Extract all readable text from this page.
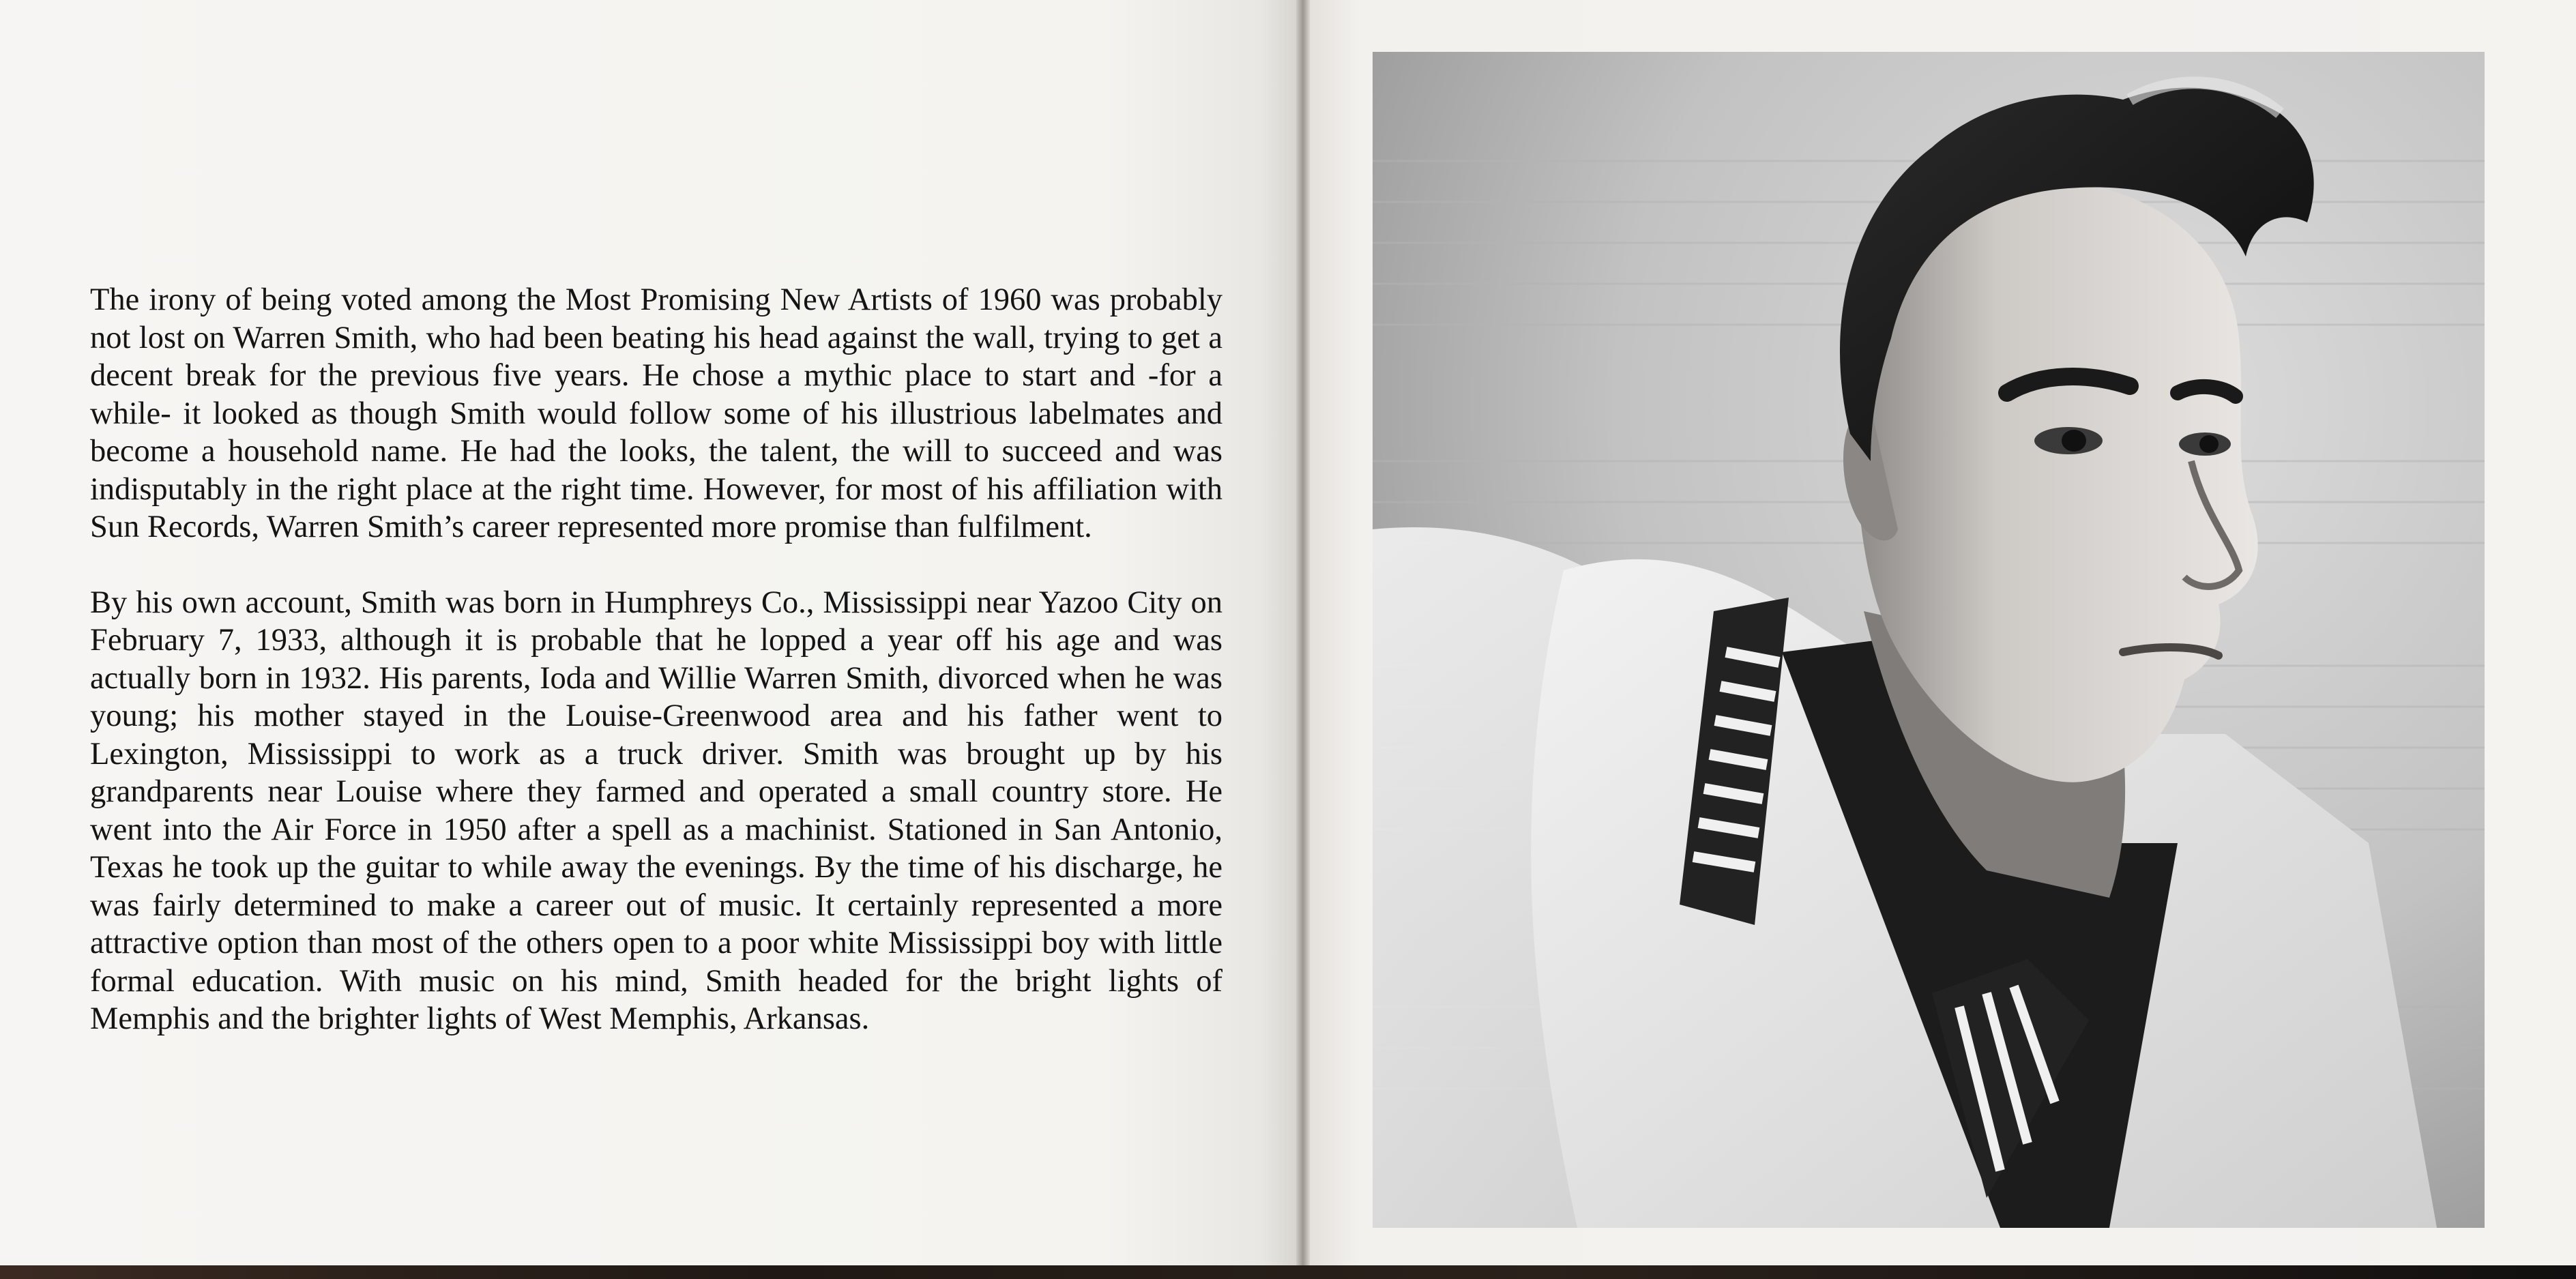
The irony of being voted among the Most Promising New Artists of 1960 was probably not lost on Warren Smith, who had been beating his head against the wall, trying to get a decent break for the previous five years. He chose a mythic place to start and -for a while- it looked as though Smith would follow some of his illustrious labelmates and become a household name. He had the looks, the talent, the will to succeed and was indisputably in the right place at the right time. However, for most of his affiliation with Sun Records, Warren Smith’s career represented more promise than fulfilment.

By his own account, Smith was born in Humphreys Co., Mississippi near Yazoo City on February 7, 1933, although it is probable that he lopped a year off his age and was actually born in 1932. His parents, Ioda and Willie Warren Smith, divorced when he was young; his mother stayed in the Louise-Greenwood area and his father went to Lexington, Mississippi to work as a truck driver. Smith was brought up by his grandparents near Louise where they farmed and operated a small country store. He went into the Air Force in 1950 after a spell as a machinist. Stationed in San Antonio, Texas he took up the guitar to while away the evenings. By the time of his discharge, he was fairly determined to make a career out of music. It certainly represented a more attractive option than most of the others open to a poor white Mississippi boy with little formal education. With music on his mind, Smith headed for the bright lights of Memphis and the brighter lights of West Memphis, Arkansas.
